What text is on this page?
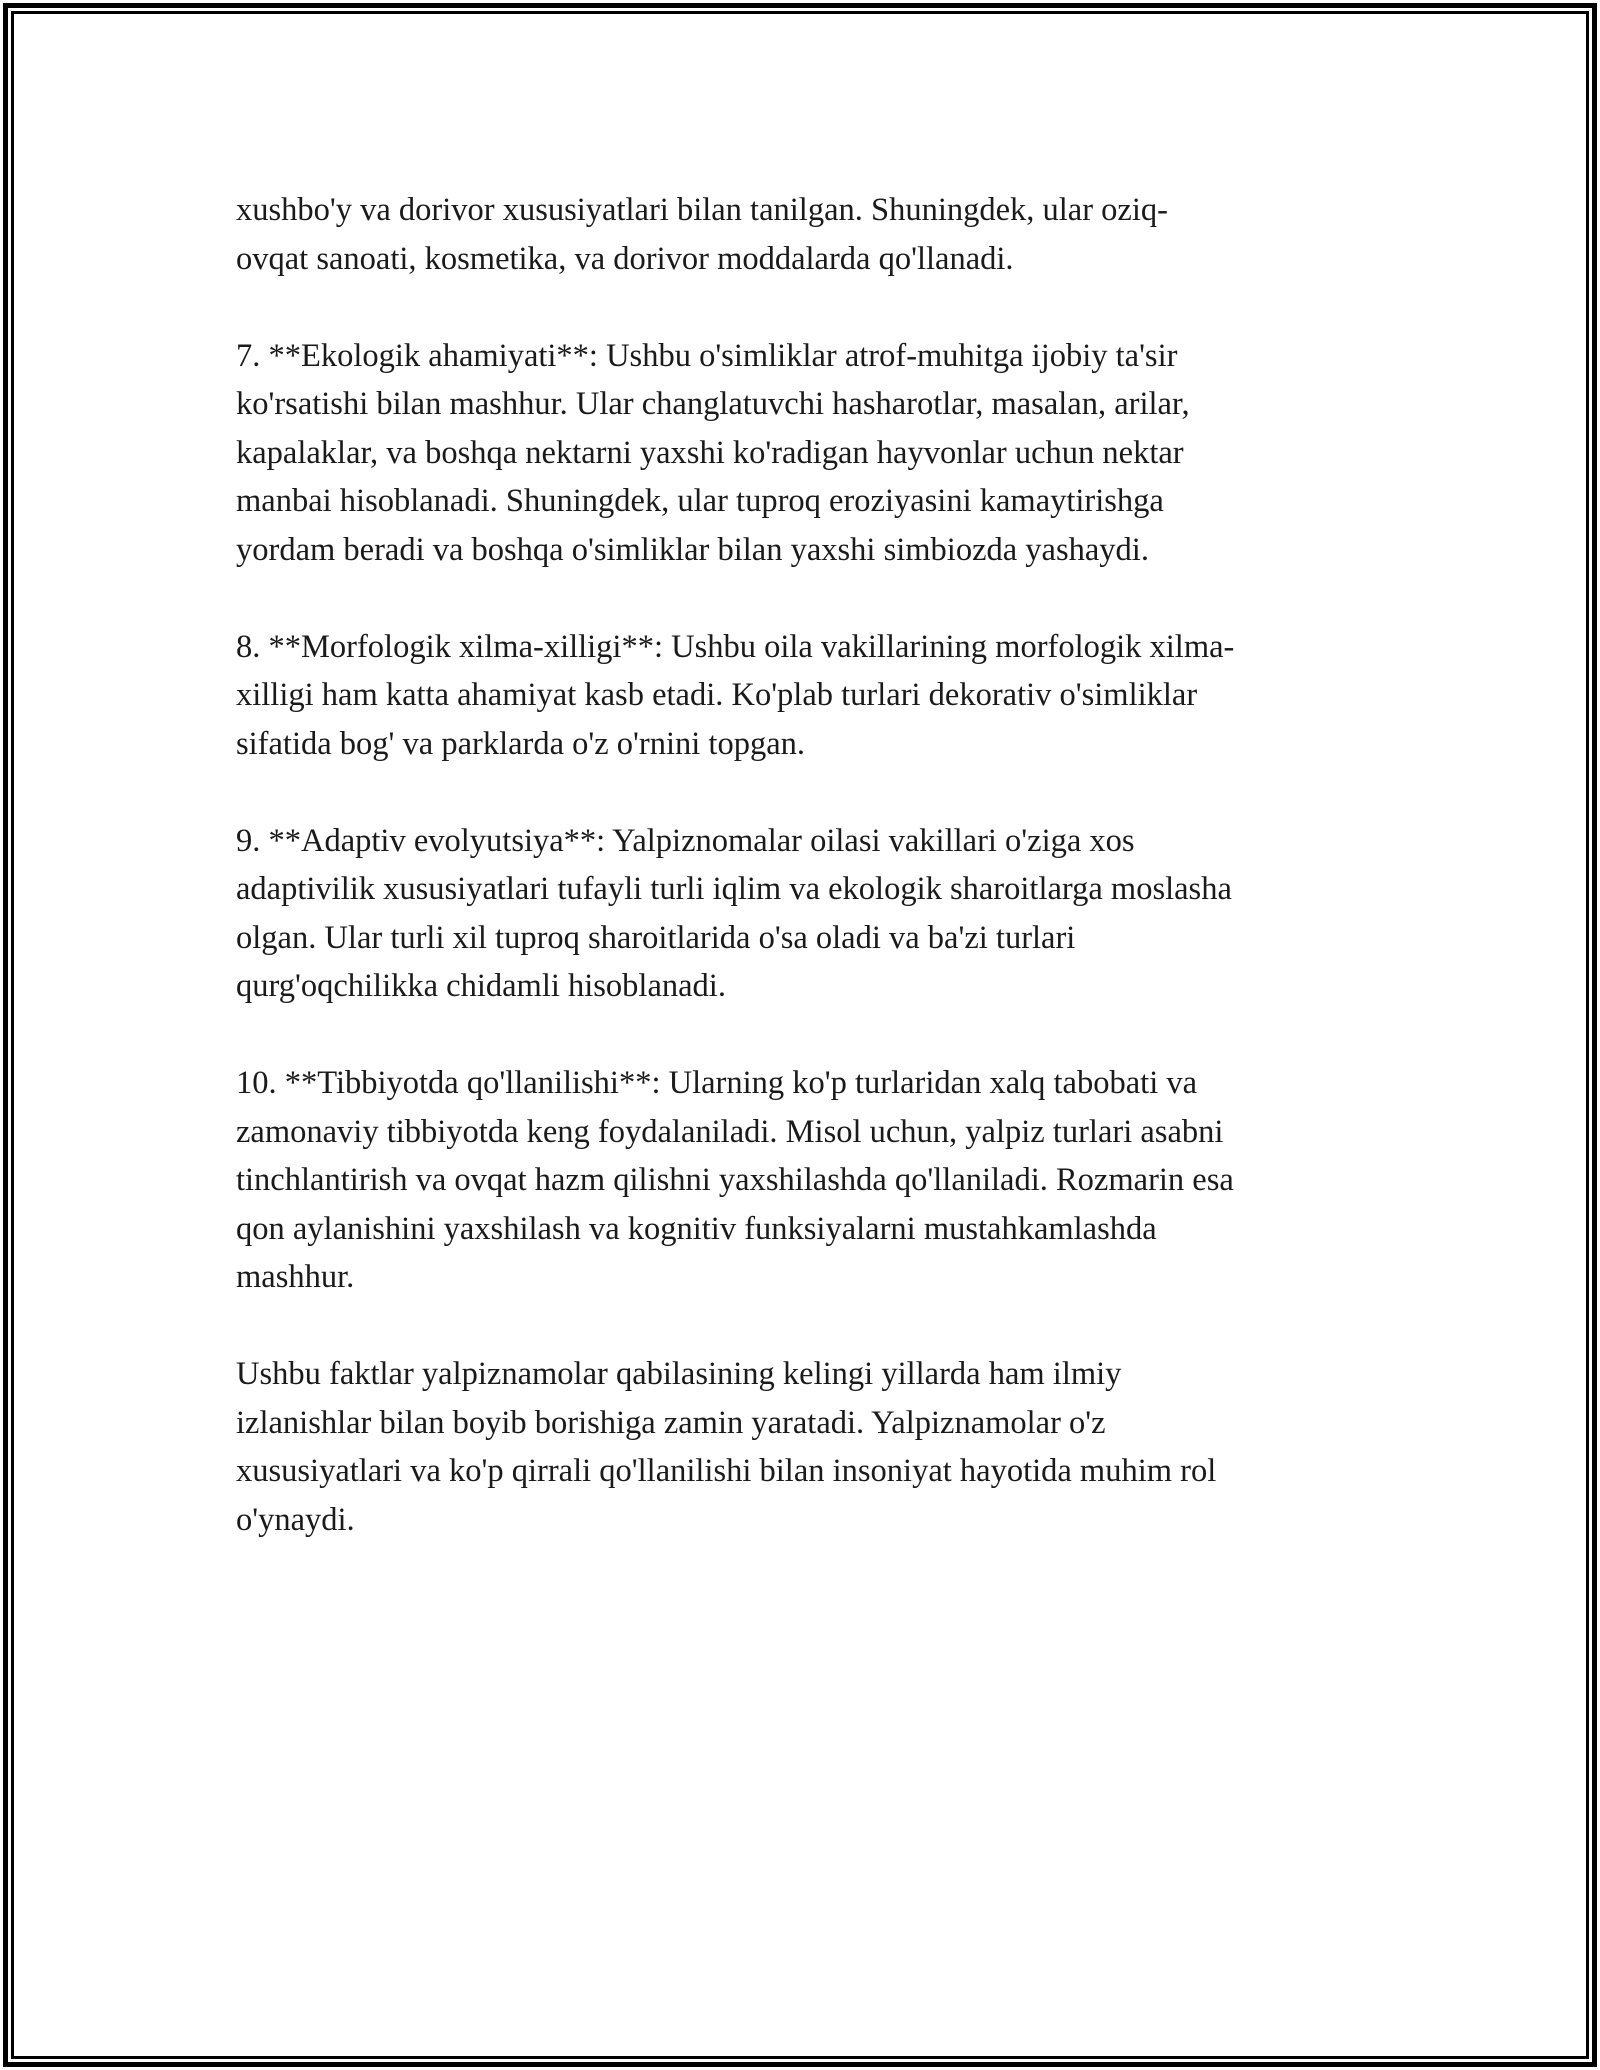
xushbo'y va dorivor xususiyatlari bilan tanilgan. Shuningdek, ular oziq-
ovqat sanoati, kosmetika, va dorivor moddalarda qo'llanadi.

7. **Ekologik ahamiyati**: Ushbu o'simliklar atrof-muhitga ijobiy ta'sir
ko'rsatishi bilan mashhur. Ular changlatuvchi hasharotlar, masalan, arilar,
kapalaklar, va boshqa nektarni yaxshi ko'radigan hayvonlar uchun nektar
manbai hisoblanadi. Shuningdek, ular tuproq eroziyasini kamaytirishga
yordam beradi va boshqa o'simliklar bilan yaxshi simbiozda yashaydi.

8. **Morfologik xilma-xilligi**: Ushbu oila vakillarining morfologik xilma-
xilligi ham katta ahamiyat kasb etadi. Ko'plab turlari dekorativ o'simliklar
sifatida bog' va parklarda o'z o'rnini topgan.

9. **Adaptiv evolyutsiya**: Yalpiznomalar oilasi vakillari o'ziga xos
adaptivilik xususiyatlari tufayli turli iqlim va ekologik sharoitlarga moslasha
olgan. Ular turli xil tuproq sharoitlarida o'sa oladi va ba'zi turlari
qurg'oqchilikka chidamli hisoblanadi.

10. **Tibbiyotda qo'llanilishi**: Ularning ko'p turlaridan xalq tabobati va
zamonaviy tibbiyotda keng foydalaniladi. Misol uchun, yalpiz turlari asabni
tinchlantirish va ovqat hazm qilishni yaxshilashda qo'llaniladi. Rozmarin esa
qon aylanishini yaxshilash va kognitiv funksiyalarni mustahkamlashda
mashhur.

Ushbu faktlar yalpiznamolar qabilasining kelingi yillarda ham ilmiy
izlanishlar bilan boyib borishiga zamin yaratadi. Yalpiznamolar o'z
xususiyatlari va ko'p qirrali qo'llanilishi bilan insoniyat hayotida muhim rol
o'ynaydi.
